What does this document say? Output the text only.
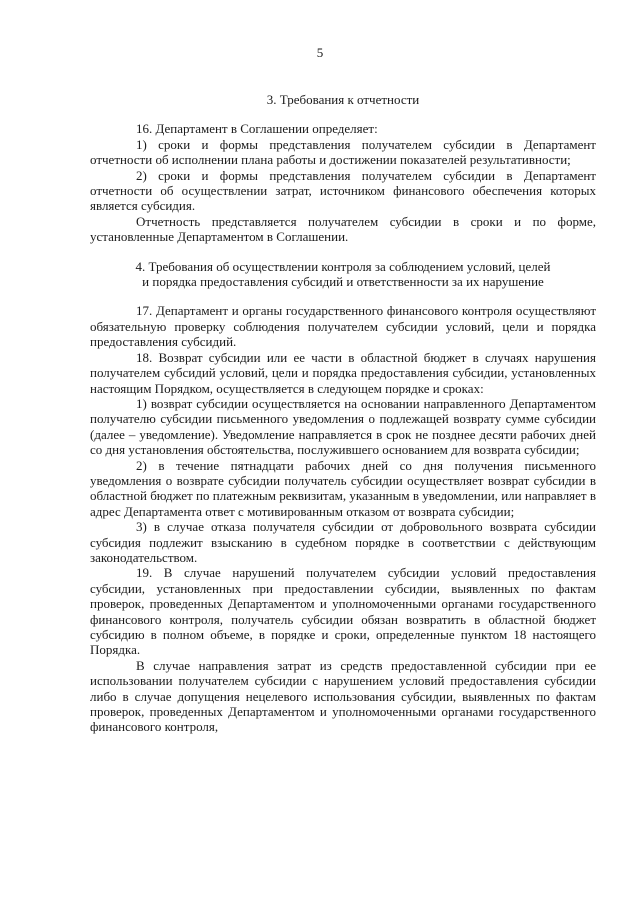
5

3. Требования к отчетности

16. Департамент в Соглашении определяет:

1) сроки и формы представления получателем субсидии в Департамент отчетности об исполнении плана работы и достижении показателей результативности;

2) сроки и формы представления получателем субсидии в Департамент отчетности об осуществлении затрат, источником финансового обеспечения которых является субсидия.

Отчетность представляется получателем субсидии в сроки и по форме, установленные Департаментом в Соглашении.

4. Требования об осуществлении контроля за соблюдением условий, целей

и порядка предоставления субсидий и ответственности за их нарушение

17. Департамент и органы государственного финансового контроля осуществляют обязательную проверку соблюдения получателем субсидии условий, цели и порядка предоставления субсидий.

18. Возврат субсидии или ее части в областной бюджет в случаях нарушения получателем субсидий условий, цели и порядка предоставления субсидии, установленных настоящим Порядком, осуществляется в следующем порядке и сроках:

1) возврат субсидии осуществляется на основании направленного Департаментом получателю субсидии письменного уведомления о подлежащей возврату сумме субсидии (далее – уведомление). Уведомление направляется в срок не позднее десяти рабочих дней со дня установления обстоятельства, послужившего основанием для возврата субсидии;

2) в течение пятнадцати рабочих дней со дня получения письменного уведомления о возврате субсидии получатель субсидии осуществляет возврат субсидии в областной бюджет по платежным реквизитам, указанным в уведомлении, или направляет в адрес Департамента ответ с мотивированным отказом от возврата субсидии;

3) в случае отказа получателя субсидии от добровольного возврата субсидии субсидия подлежит взысканию в судебном порядке в соответствии с действующим законодательством.

19. В случае нарушений получателем субсидии условий предоставления субсидии, установленных при предоставлении субсидии, выявленных по фактам проверок, проведенных Департаментом и уполномоченными органами государственного финансового контроля, получатель субсидии обязан возвратить в областной бюджет субсидию в полном объеме, в порядке и сроки, определенные пунктом 18 настоящего Порядка.

В случае направления затрат из средств предоставленной субсидии при ее использовании получателем субсидии с нарушением условий предоставления субсидии либо в случае допущения нецелевого использования субсидии, выявленных по фактам проверок, проведенных Департаментом и уполномоченными органами государственного финансового контроля,
